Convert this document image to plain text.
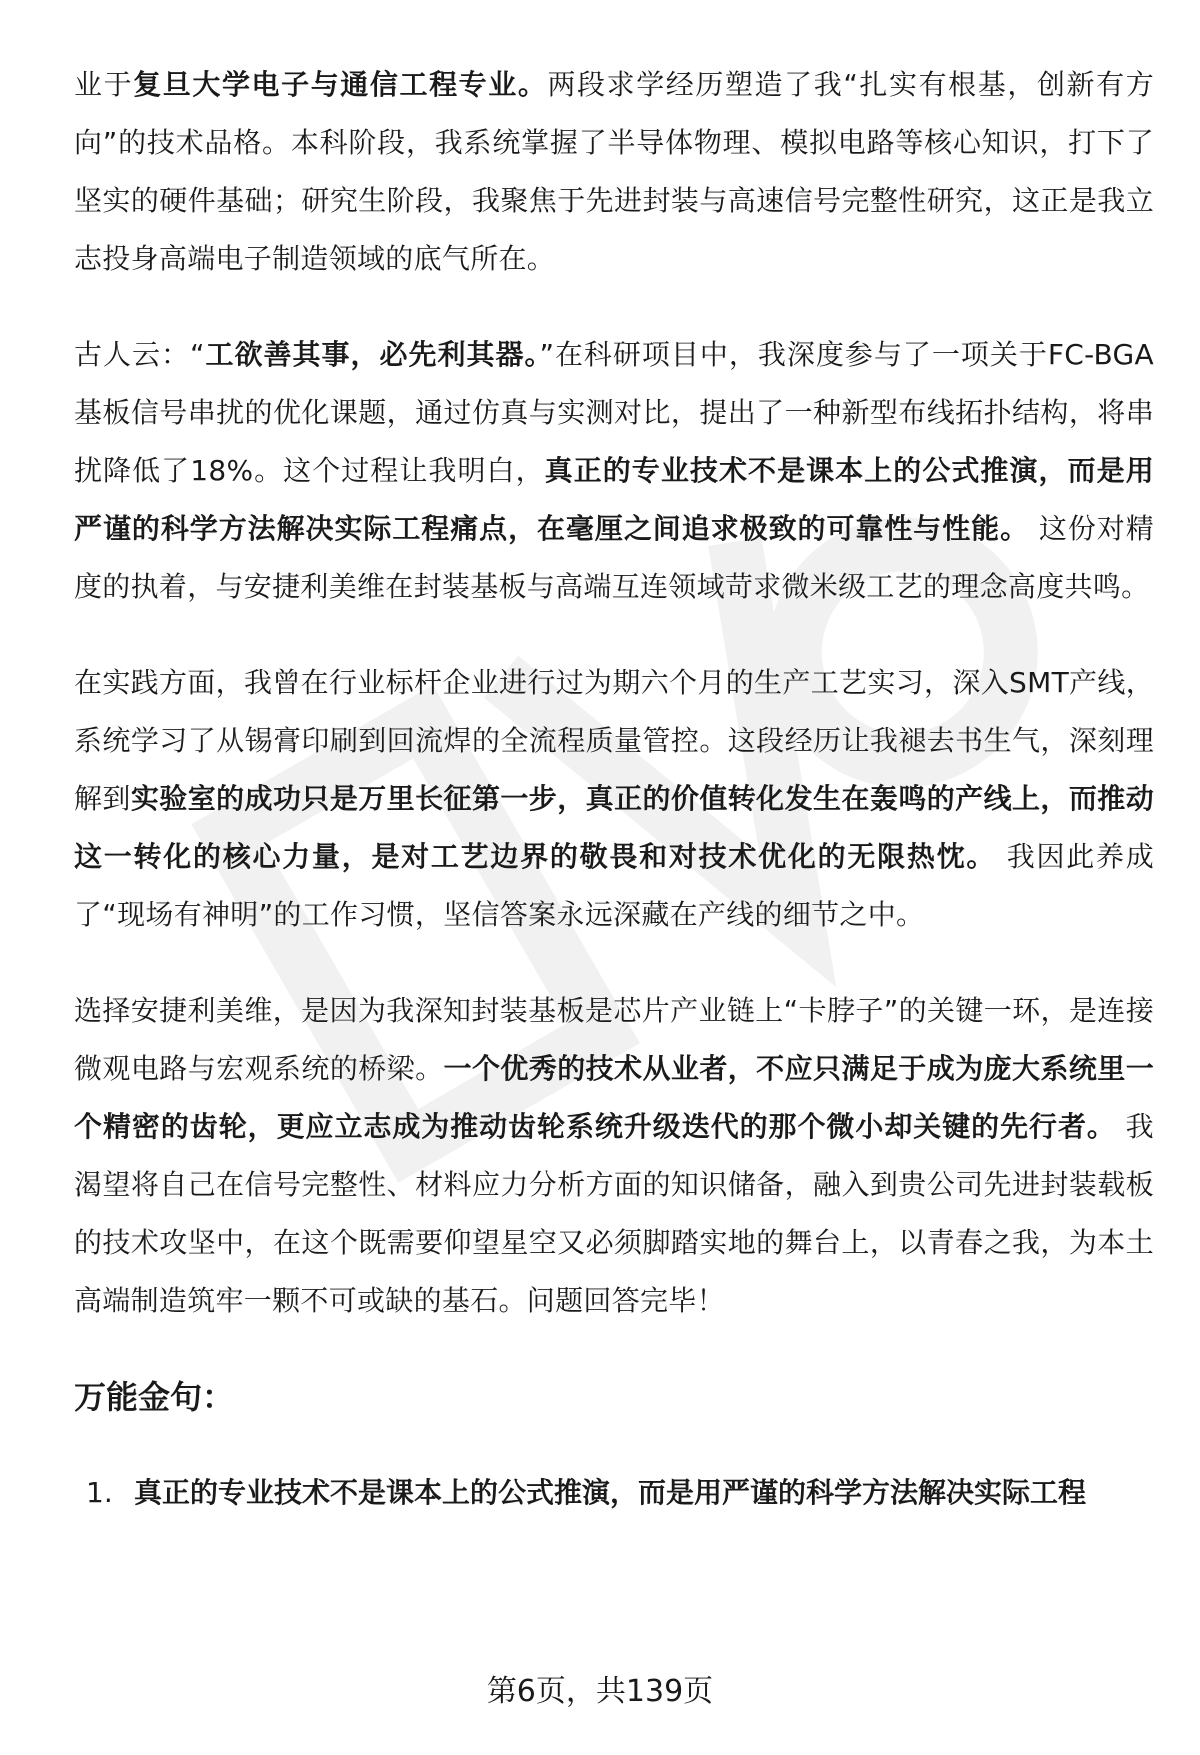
业于复旦大学电子与通信工程专业。两段求学经历塑造了我“扎实有根基，创新有方向”的技术品格。本科阶段，我系统掌握了半导体物理、模拟电路等核心知识，打下了坚实的硬件基础；研究生阶段，我聚焦于先进封装与高速信号完整性研究，这正是我立志投身高端电子制造领域的底气所在。

古人云：“工欲善其事，必先利其器。”在科研项目中，我深度参与了一项关于FC-BGA基板信号串扰的优化课题，通过仿真与实测对比，提出了一种新型布线拓扑结构，将串扰降低了18%。这个过程让我明白，真正的专业技术不是课本上的公式推演，而是用严谨的科学方法解决实际工程痛点，在毫厘之间追求极致的可靠性与性能。 这份对精度的执着，与安捷利美维在封装基板与高端互连领域苛求微米级工艺的理念高度共鸣。

在实践方面，我曾在行业标杆企业进行过为期六个月的生产工艺实习，深入SMT产线，系统学习了从锡膏印刷到回流焊的全流程质量管控。这段经历让我褪去书生气，深刻理解到实验室的成功只是万里长征第一步，真正的价值转化发生在轰鸣的产线上，而推动这一转化的核心力量，是对工艺边界的敬畏和对技术优化的无限热忱。 我因此养成了“现场有神明”的工作习惯，坚信答案永远深藏在产线的细节之中。

选择安捷利美维，是因为我深知封装基板是芯片产业链上“卡脖子”的关键一环，是连接微观电路与宏观系统的桥梁。一个优秀的技术从业者，不应只满足于成为庞大系统里一个精密的齿轮，更应立志成为推动齿轮系统升级迭代的那个微小却关键的先行者。 我渴望将自己在信号完整性、材料应力分析方面的知识储备，融入到贵公司先进封装载板的技术攻坚中，在这个既需要仰望星空又必须脚踏实地的舞台上，以青春之我，为本土高端制造筑牢一颗不可或缺的基石。问题回答完毕！

万能金句：
1. 真正的专业技术不是课本上的公式推演，而是用严谨的科学方法解决实际工程
第6页，共139页
